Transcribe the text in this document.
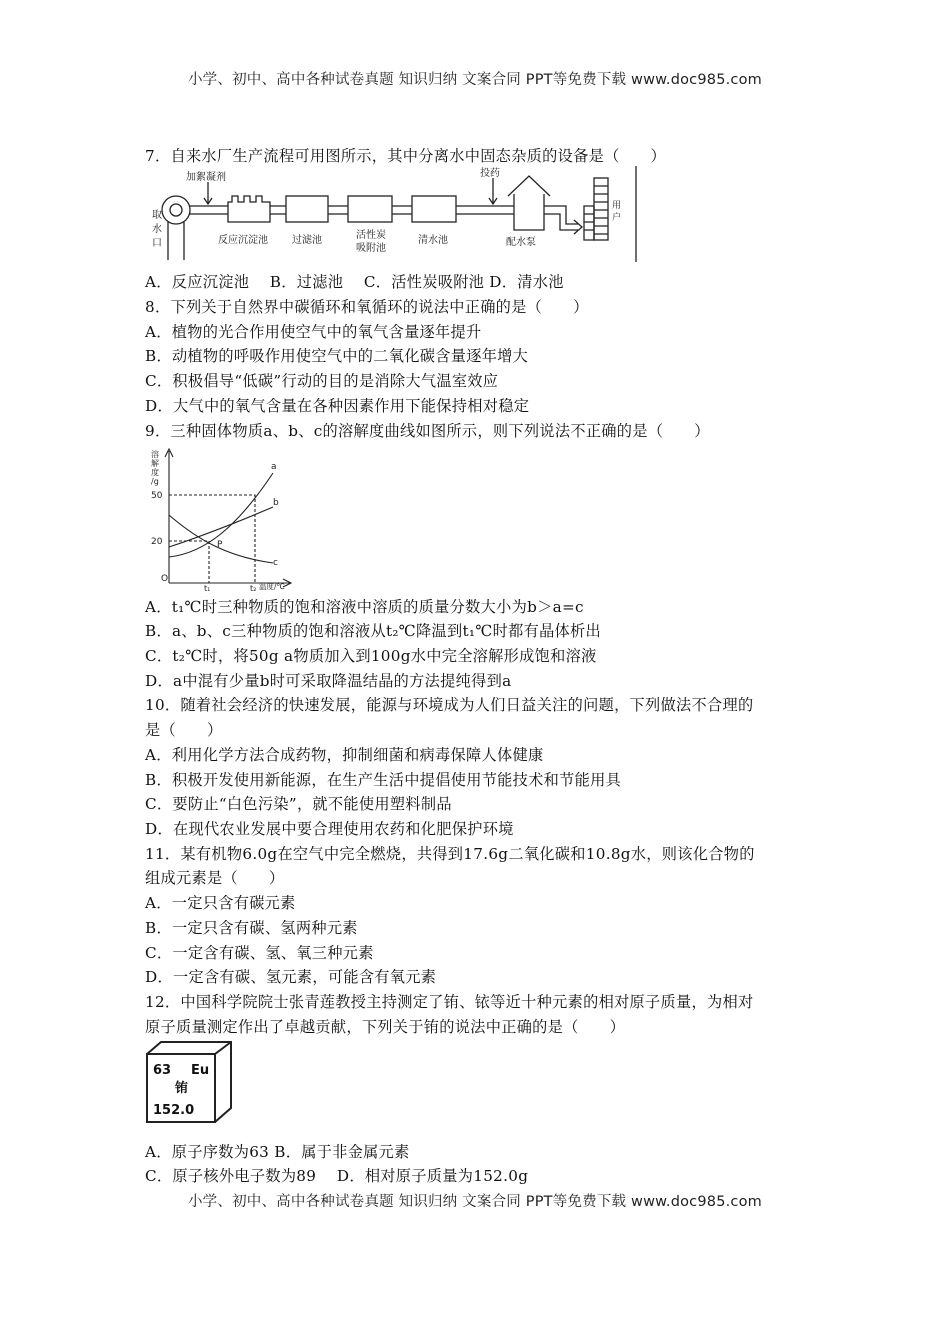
小学、初中、高中各种试卷真题 知识归纳 文案合同 PPT等免费下载 www.doc985.com
7．自来水厂生产流程可用图所示，其中分离水中固态杂质的设备是（　　）
取
水
口
加絮凝剂
反应沉淀池 过滤池	活性炭
吸附池
清水池
投药
配水泵
用
户
A．反应沉淀池　 B．过滤池　 C．活性炭吸附池 D．清水池
8．下列关于自然界中碳循环和氧循环的说法中正确的是（　　）
A．植物的光合作用使空气中的氧气含量逐年提升
B．动植物的呼吸作用使空气中的二氧化碳含量逐年增大
C．积极倡导“低碳”行动的目的是消除大气温室效应
D．大气中的氧气含量在各种因素作用下能保持相对稳定
9．三种固体物质a、b、c的溶解度曲线如图所示，则下列说法不正确的是（　　）
溶
解
度
/g
50
20
O
t₁	t₂ 温度/℃
a
b
c
P
A．t₁℃时三种物质的饱和溶液中溶质的质量分数大小为b＞a=c
B．a、b、c三种物质的饱和溶液从t₂℃降温到t₁℃时都有晶体析出
C．t₂℃时，将50g a物质加入到100g水中完全溶解形成饱和溶液
D．a中混有少量b时可采取降温结晶的方法提纯得到a
10．随着社会经济的快速发展，能源与环境成为人们日益关注的问题，下列做法不合理的
是（　　）
A．利用化学方法合成药物，抑制细菌和病毒保障人体健康
B．积极开发使用新能源，在生产生活中提倡使用节能技术和节能用具
C．要防止“白色污染”，就不能使用塑料制品
D．在现代农业发展中要合理使用农药和化肥保护环境
11．某有机物6.0g在空气中完全燃烧，共得到17.6g二氧化碳和10.8g水，则该化合物的
组成元素是（　　）
A．一定只含有碳元素
B．一定只含有碳、氢两种元素
C．一定含有碳、氢、氧三种元素
D．一定含有碳、氢元素，可能含有氧元素
12．中国科学院院士张青莲教授主持测定了铕、铱等近十种元素的相对原子质量，为相对
原子质量测定作出了卓越贡献，下列关于铕的说法中正确的是（　　）
63 Eu
铕
152.0
A．原子序数为63 B．属于非金属元素
C．原子核外电子数为89　 D．相对原子质量为152.0g
小学、初中、高中各种试卷真题 知识归纳 文案合同 PPT等免费下载 www.doc985.com
